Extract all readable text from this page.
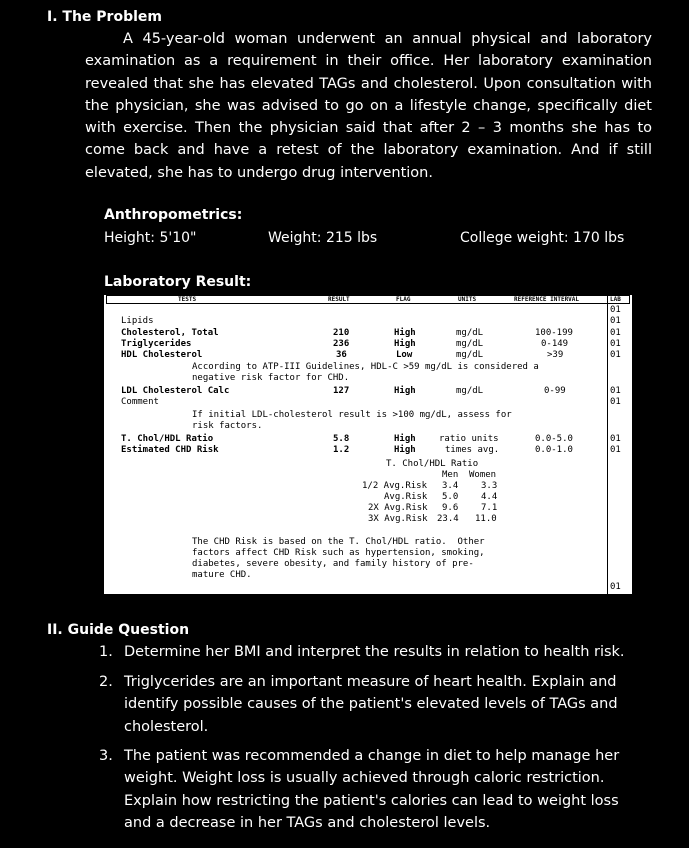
I. The Problem
A 45-year-old woman underwent an annual physical and laboratory examination as a requirement in their office. Her laboratory examination revealed that she has elevated TAGs and cholesterol. Upon consultation with the physician, she was advised to go on a lifestyle change, specifically diet with exercise. Then the physician said that after 2 – 3 months she has to come back and have a retest of the laboratory examination. And if still elevated, she has to undergo drug intervention.
Anthropometrics:
Height: 5'10"	Weight: 215 lbs	College weight: 170 lbs
Laboratory Result:
TESTS	RESULT	FLAG	UNITS	REFERENCE INTERVAL	LAB
01
Lipids	01
Cholesterol, Total	210	High	mg/dL	100-199	01
Triglycerides	236	High	mg/dL	0-149	01
HDL Cholesterol	36	Low	mg/dL	>39	01
According to ATP-III Guidelines, HDL-C >59 mg/dL is considered a
negative risk factor for CHD.
LDL Cholesterol Calc	127	High	mg/dL	0-99	01
Comment	01
If initial LDL-cholesterol result is >100 mg/dL, assess for
risk factors.
T. Chol/HDL Ratio	5.8	High	ratio units	0.0-5.0	01
Estimated CHD Risk	1.2	High	times avg.	0.0-1.0	01
T. Chol/HDL Ratio
Men Women
1/2 Avg.Risk 3.4	3.3
Avg.Risk 5.0	4.4
2X Avg.Risk 9.6	7.1
3X Avg.Risk 23.4 11.0
The CHD Risk is based on the T. Chol/HDL ratio.  Other
factors affect CHD Risk such as hypertension, smoking,
diabetes, severe obesity, and family history of pre-
mature CHD.
01
II. Guide Question
1. Determine her BMI and interpret the results in relation to health risk.
2. Triglycerides are an important measure of heart health. Explain and identify possible causes of the patient's elevated levels of TAGs and cholesterol.
3. The patient was recommended a change in diet to help manage her weight. Weight loss is usually achieved through caloric restriction. Explain how restricting the patient's calories can lead to weight loss and a decrease in her TAGs and cholesterol levels.
